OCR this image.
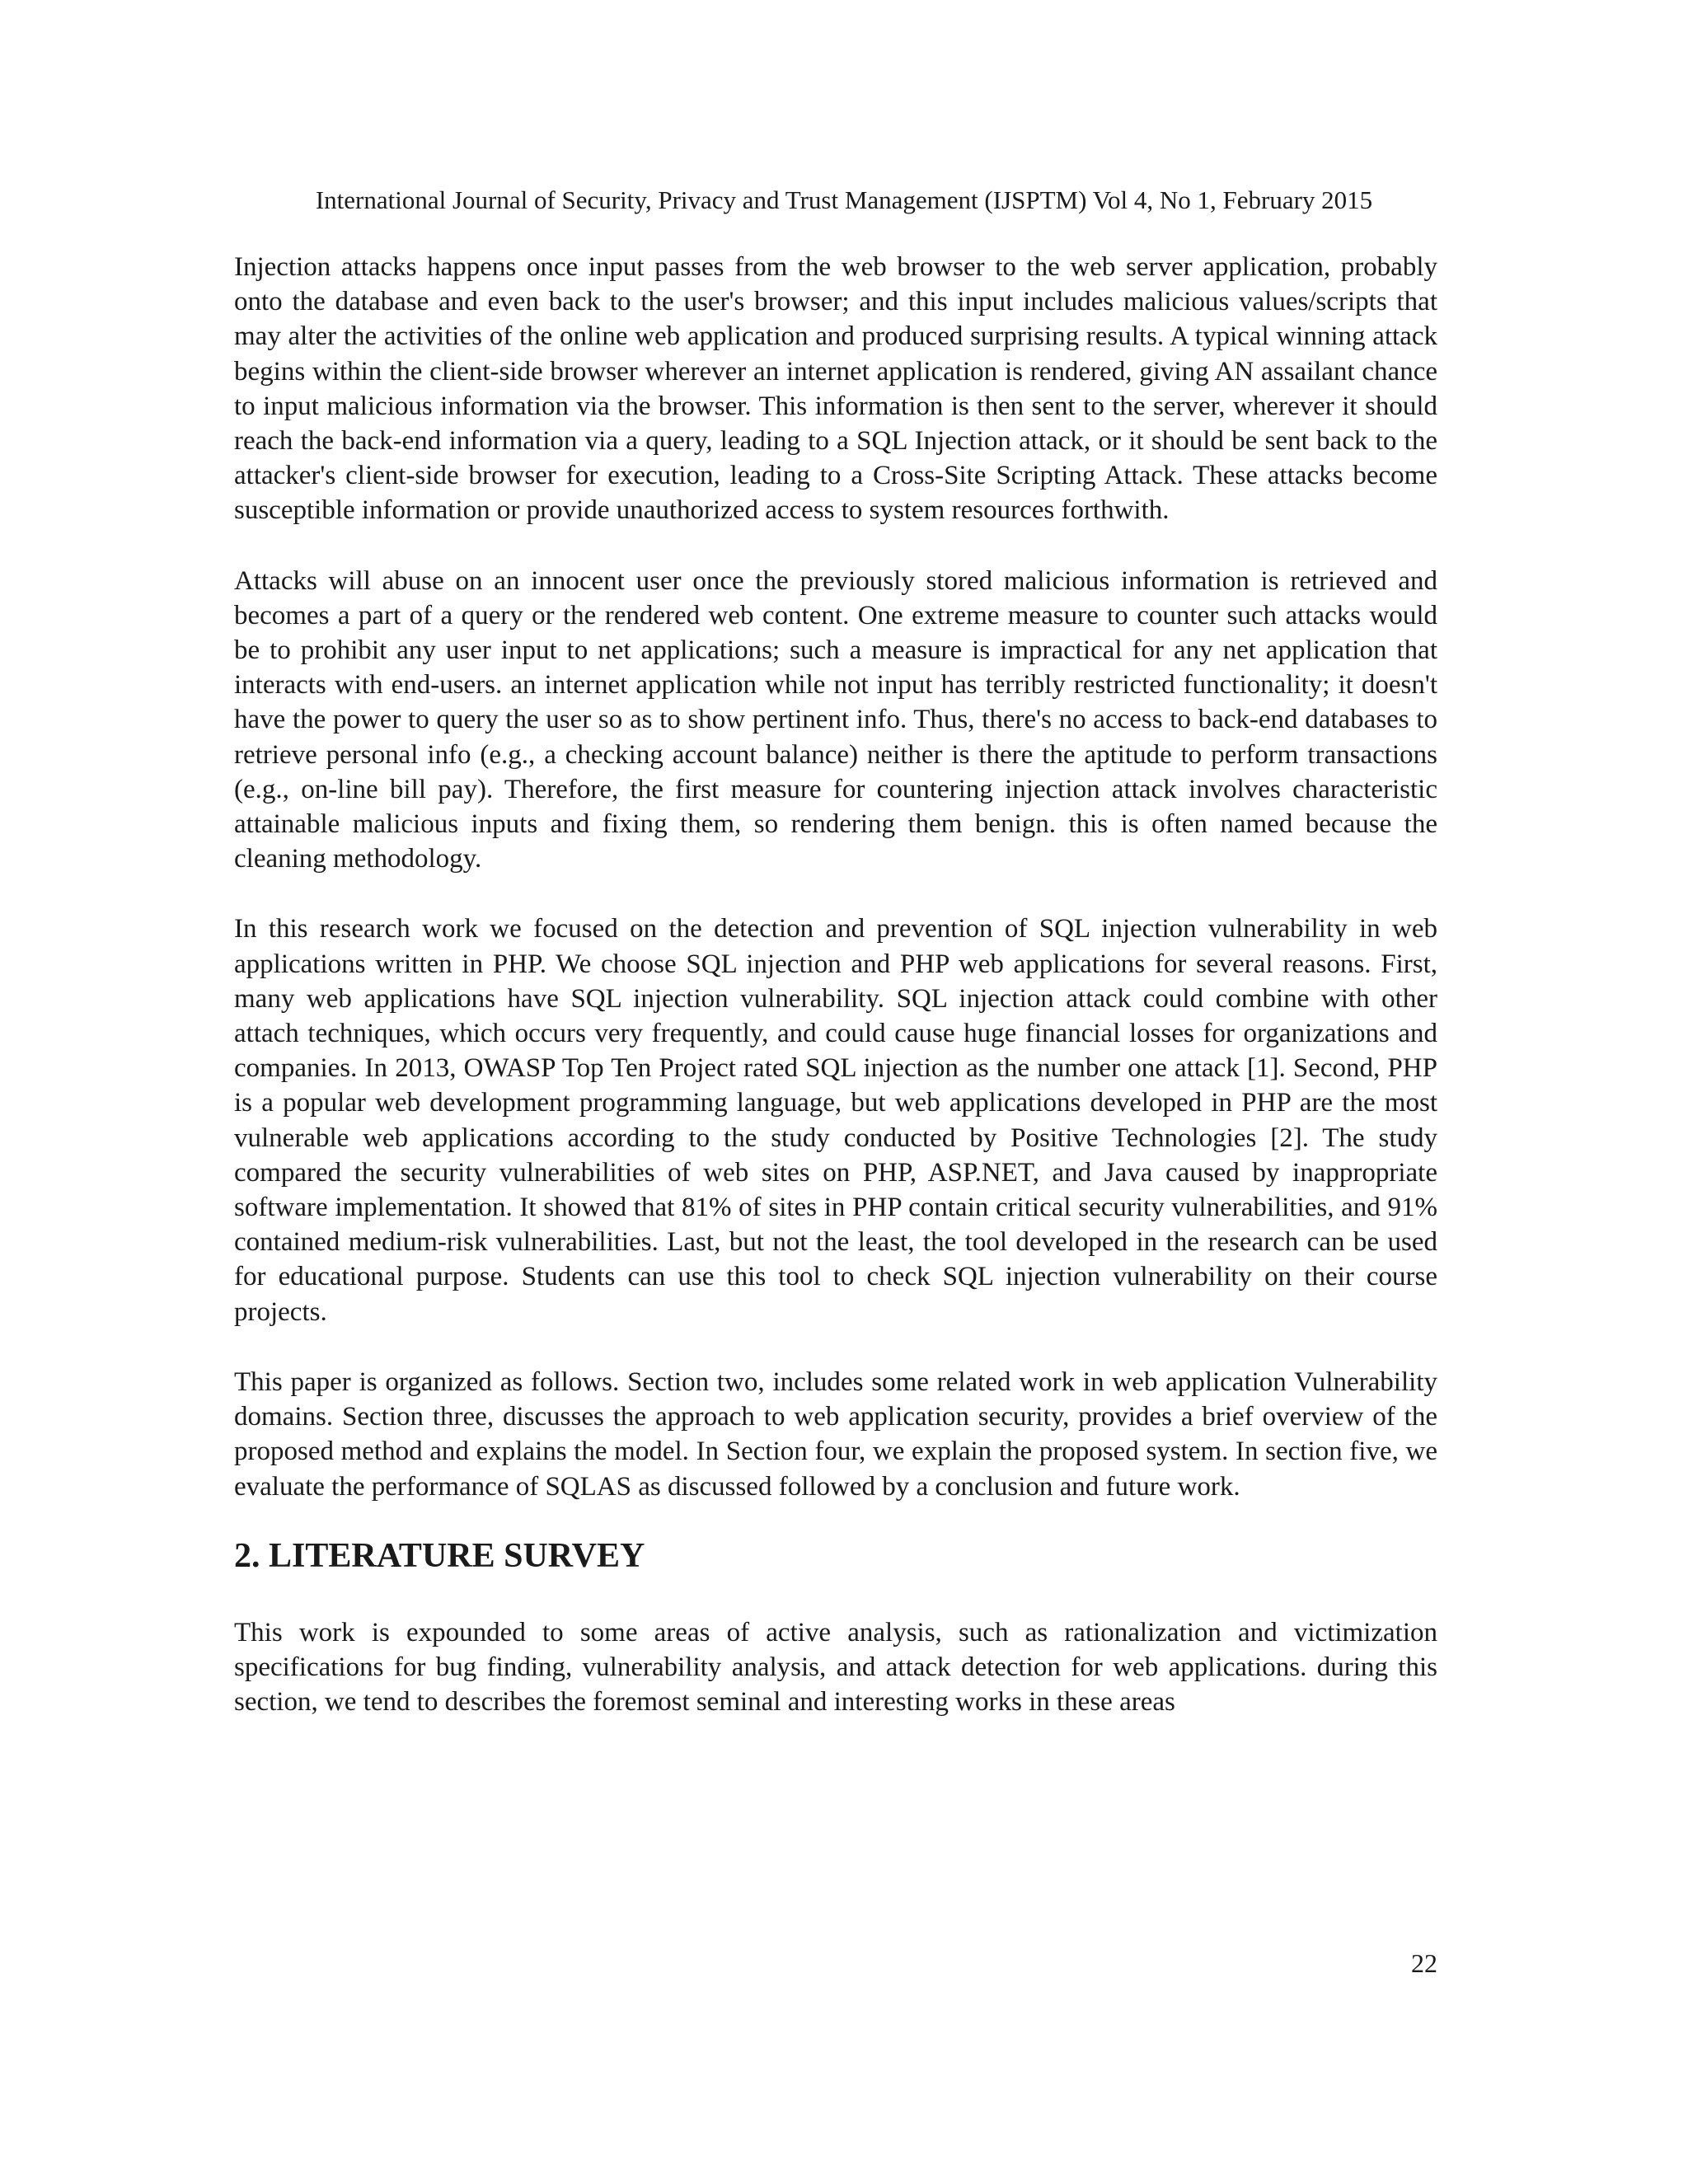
International Journal of Security, Privacy and Trust Management (IJSPTM) Vol 4, No 1, February 2015

Injection attacks happens once input passes from the web browser to the web server application, probably onto the database and even back to the user's browser; and this input includes malicious values/scripts that may alter the activities of the online web application and produced surprising results. A typical winning attack begins within the client-side browser wherever an internet application is rendered, giving AN assailant chance to input malicious information via the browser. This information is then sent to the server, wherever it should reach the back-end information via a query, leading to a SQL Injection attack, or it should be sent back to the attacker's client-side browser for execution, leading to a Cross-Site Scripting Attack. These attacks become susceptible information or provide unauthorized access to system resources forthwith.

Attacks will abuse on an innocent user once the previously stored malicious information is retrieved and becomes a part of a query or the rendered web content. One extreme measure to counter such attacks would be to prohibit any user input to net applications; such a measure is impractical for any net application that interacts with end-users. an internet application while not input has terribly restricted functionality; it doesn't have the power to query the user so as to show pertinent info. Thus, there's no access to back-end databases to retrieve personal info (e.g., a checking account balance) neither is there the aptitude to perform transactions (e.g., on-line bill pay). Therefore, the first measure for countering injection attack involves characteristic attainable malicious inputs and fixing them, so rendering them benign. this is often named because the cleaning methodology.

In this research work we focused on the detection and prevention of SQL injection vulnerability in web applications written in PHP. We choose SQL injection and PHP web applications for several reasons. First, many web applications have SQL injection vulnerability. SQL injection attack could combine with other attach techniques, which occurs very frequently, and could cause huge financial losses for organizations and companies. In 2013, OWASP Top Ten Project rated SQL injection as the number one attack [1]. Second, PHP is a popular web development programming language, but web applications developed in PHP are the most vulnerable web applications according to the study conducted by Positive Technologies [2]. The study compared the security vulnerabilities of web sites on PHP, ASP.NET, and Java caused by inappropriate software implementation. It showed that 81% of sites in PHP contain critical security vulnerabilities, and 91% contained medium-risk vulnerabilities. Last, but not the least, the tool developed in the research can be used for educational purpose. Students can use this tool to check SQL injection vulnerability on their course projects.

This paper is organized as follows. Section two, includes some related work in web application Vulnerability domains. Section three, discusses the approach to web application security, provides a brief overview of the proposed method and explains the model. In Section four, we explain the proposed system. In section five, we evaluate the performance of SQLAS as discussed followed by a conclusion and future work.

2. LITERATURE SURVEY

This work is expounded to some areas of active analysis, such as rationalization and victimization specifications for bug finding, vulnerability analysis, and attack detection for web applications. during this section, we tend to describes the foremost seminal and interesting works in these areas

22
